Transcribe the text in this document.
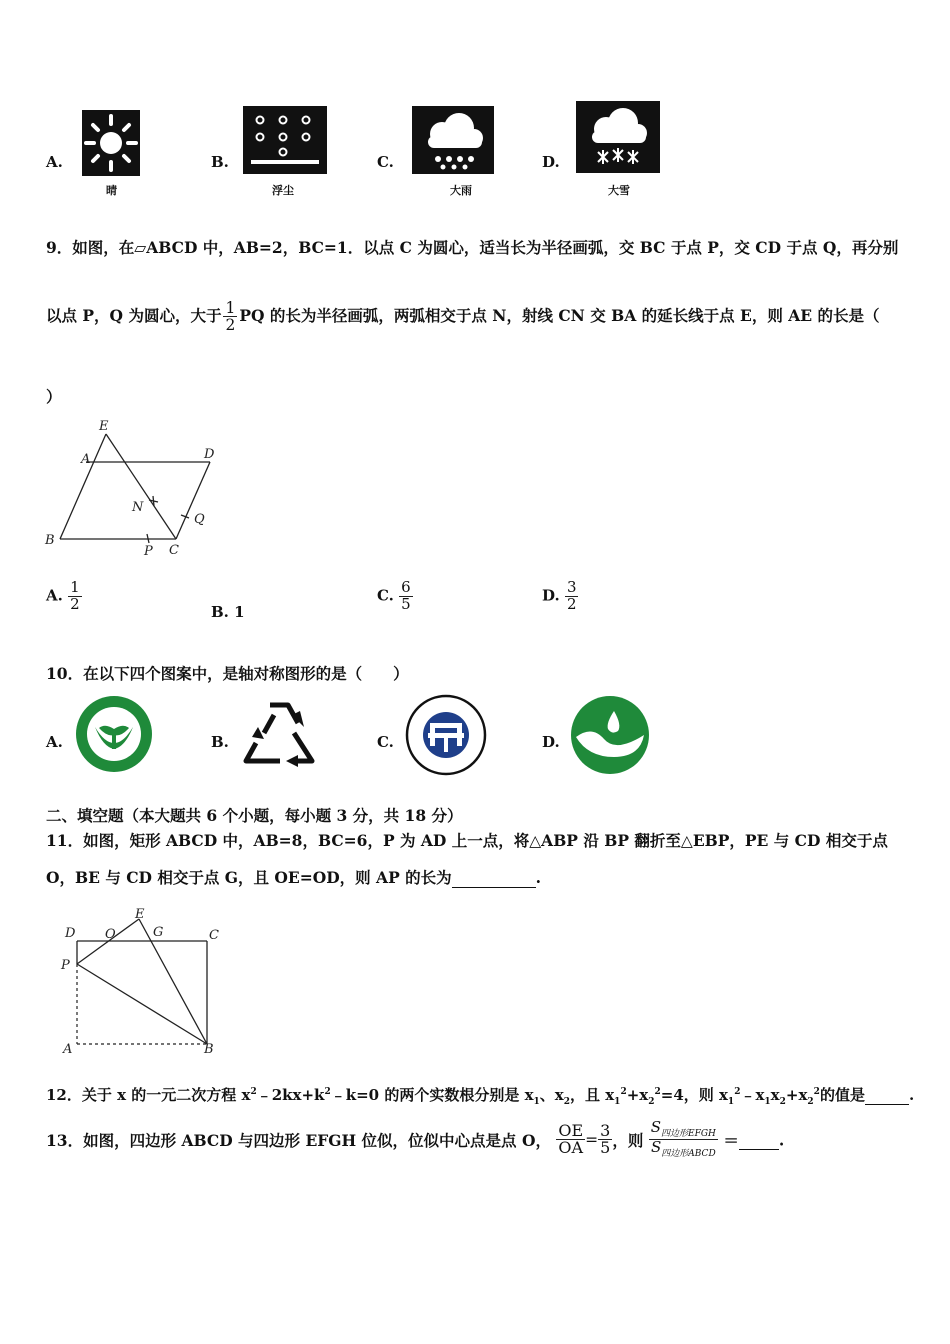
A.
晴
B.
浮尘
C.
大雨
D.
大雪
9．如图，在▱ABCD 中，AB=2，BC=1．以点 C 为圆心，适当长为半径画弧，交 BC 于点 P，交 CD 于点 Q，再分别
以点 P，Q 为圆心，大于 $\frac{1}{2}$ PQ 的长为半径画弧，两弧相交于点 N，射线 CN 交 BA 的延长线于点 E，则 AE 的长是（
）
E
A	D
N
Q
B
P C
A. $\frac{1}{2}$	B. 1
C. $\frac{6}{5}$	D. $\frac{3}{2}$
10．在以下四个图案中，是轴对称图形的是（　　）
A.	B.	C.	D.
二、填空题（本大题共 6 个小题，每小题 3 分，共 18 分）
11．如图，矩形 ABCD 中，AB=8，BC=6，P 为 AD 上一点，将△ABP 沿 BP 翻折至△EBP，PE 与 CD 相交于点
O，BE 与 CD 相交于点 G，且 OE=OD，则 AP 的长为	.
D O
E
G	C
P
A	B
12．关于 x 的一元二次方程 $x^2﹣2kx+k^2﹣k=0$ 的两个实数根分别是 $x_1$、$x_2$，且 $x_1^2+x_2^2=4$，则 $x_1^2﹣x_1x_2+x_2^2$的值是	.
13．如图，四边形 ABCD 与四边形 EFGH 位似，位似中心点是点 O， $\frac{OE}{OA} = \frac{3}{5}$ ，则 $\frac{S_{四边形EFGH}}{S_{四边形ABCD}}$ ＝	.
